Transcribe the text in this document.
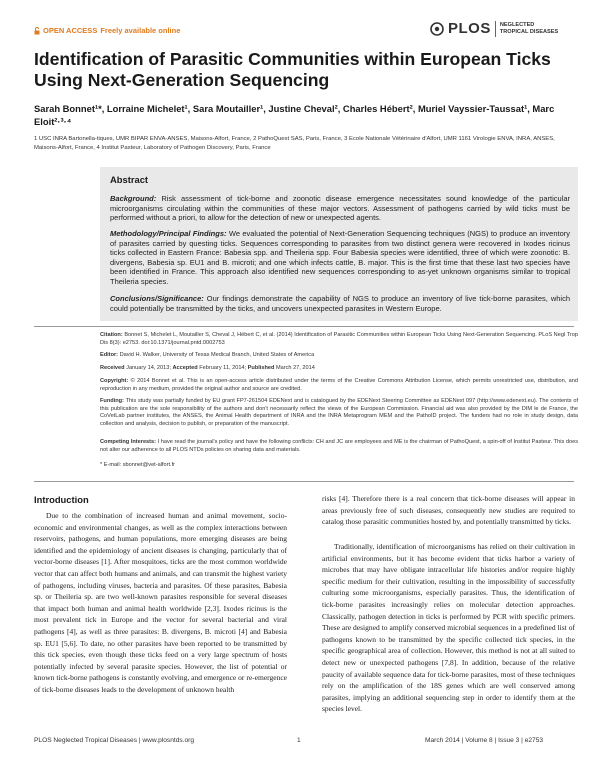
OPEN ACCESS Freely available online	PLOS NEGLECTED
TROPICAL DISEASES
Identification of Parasitic Communities within European Ticks Using Next-Generation Sequencing

Sarah Bonnet¹*, Lorraine Michelet¹, Sara Moutailler¹, Justine Cheval², Charles Hébert², Muriel Vayssier-Taussat¹, Marc Eloit²·³·⁴

1 USC INRA Bartonella-tiques, UMR BIPAR ENVA-ANSES, Maisons-Alfort, France, 2 PathoQuest SAS, Paris, France, 3 Ecole Nationale Vétérinaire d'Alfort, UMR 1161 Virologie ENVA, INRA, ANSES, Maisons-Alfort, France, 4 Institut Pasteur, Laboratory of Pathogen Discovery, Paris, France

Abstract

Background: Risk assessment of tick-borne and zoonotic disease emergence necessitates sound knowledge of the particular microorganisms circulating within the communities of these major vectors. Assessment of pathogens carried by wild ticks must be performed without a priori, to allow for the detection of new or unexpected agents.

Methodology/Principal Findings: We evaluated the potential of Next-Generation Sequencing techniques (NGS) to produce an inventory of parasites carried by questing ticks. Sequences corresponding to parasites from two distinct genera were recovered in Ixodes ricinus ticks collected in Eastern France: Babesia spp. and Theileria spp. Four Babesia species were identified, three of which were zoonotic: B. divergens, Babesia sp. EU1 and B. microti; and one which infects cattle, B. major. This is the first time that these last two species have been identified in France. This approach also identified new sequences corresponding to as-yet unknown organisms similar to tropical Theileria species.

Conclusions/Significance: Our findings demonstrate the capability of NGS to produce an inventory of live tick-borne parasites, which could potentially be transmitted by the ticks, and uncovers unexpected parasites in Western Europe.

Citation: Bonnet S, Michelet L, Moutailler S, Cheval J, Hébert C, et al. (2014) Identification of Parasitic Communities within European Ticks Using Next-Generation Sequencing. PLoS Negl Trop Dis 8(3): e2753. doi:10.1371/journal.pntd.0002753

Editor: David H. Walker, University of Texas Medical Branch, United States of America

Received January 14, 2013; Accepted February 11, 2014; Published March 27, 2014

Copyright: © 2014 Bonnet et al. This is an open-access article distributed under the terms of the Creative Commons Attribution License, which permits unrestricted use, distribution, and reproduction in any medium, provided the original author and source are credited.

Funding: This study was partially funded by EU grant FP7-261504 EDENext and is catalogued by the EDENext Steering Committee as EDENext 097 (http://www.edenext.eu). The contents of this publication are the sole responsibility of the authors and don't necessarily reflect the views of the European Commission. Financial aid was also provided by the DIM le de France, the CoVetLab partner institutes, the ANSES, the Animal Health department of INRA and the INRA Metaprogram MEM and the PathoID project. The funders had no role in study design, data collection and analysis, decision to publish, or preparation of the manuscript.

Competing Interests: I have read the journal's policy and have the following conflicts: CH and JC are employees and ME is the chairman of PathoQuest, a spin-off of Institut Pasteur. This does not alter our adherence to all PLOS NTDs policies on sharing data and materials.

* E-mail: sbonnet@vet-alfort.fr

Introduction

Due to the combination of increased human and animal movement, socio-economic and environmental changes, as well as the complex interactions between reservoirs, pathogens, and human populations, more emerging diseases are being identified and the epidemiology of ancient diseases is changing, particularly that of vector-borne diseases [1]. After mosquitoes, ticks are the most common worldwide vector that can affect both humans and animals, and can transmit the highest variety of pathogens, including viruses, bacteria and parasites. Of these parasites, Babesia sp. or Theileria sp. are two well-known parasites responsible for several diseases that impact both human and animal health worldwide [2,3]. Ixodes ricinus is the most prevalent tick in Europe and the vector for several bacterial and viral pathogens [4], as well as three parasites: B. divergens, B. microti [4] and Babesia sp. EU1 [5,6]. To date, no other parasites have been reported to be transmitted by this tick species, even though these ticks feed on a very large spectrum of hosts potentially infected by several parasite species. However, the list of potential or known tick-borne pathogens is constantly evolving, and emergence or re-emergence of tick-borne diseases leads to the development of unknown health

risks [4]. Therefore there is a real concern that tick-borne diseases will appear in areas previously free of such diseases, consequently new studies are required to catalog those parasitic communities hosted by, and potentially transmitted by ticks.

Traditionally, identification of microorganisms has relied on their cultivation in artificial environments, but it has become evident that ticks harbor a variety of microbes that may have obligate intracellular life histories and/or require highly specific medium for their cultivation, resulting in the impossibility of successfully culturing some microorganisms, especially parasites. Thus, the identification of tick-borne parasites increasingly relies on molecular detection approaches. Classically, pathogen detection in ticks is performed by PCR with specific primers. These are designed to amplify conserved microbial sequences in a predefined list of pathogens known to be transmitted by the specific collected tick species, in the specific geographical area of collection. However, this method is not at all suited to detect new or unexpected pathogens [7,8]. In addition, because of the relative paucity of available sequence data for tick-borne parasites, most of these techniques rely on the amplification of the 18S genes which are well conserved among parasites, implying an additional sequencing step in order to identify them at the species level.

PLOS Neglected Tropical Diseases | www.plosntds.org	1	March 2014 | Volume 8 | Issue 3 | e2753
